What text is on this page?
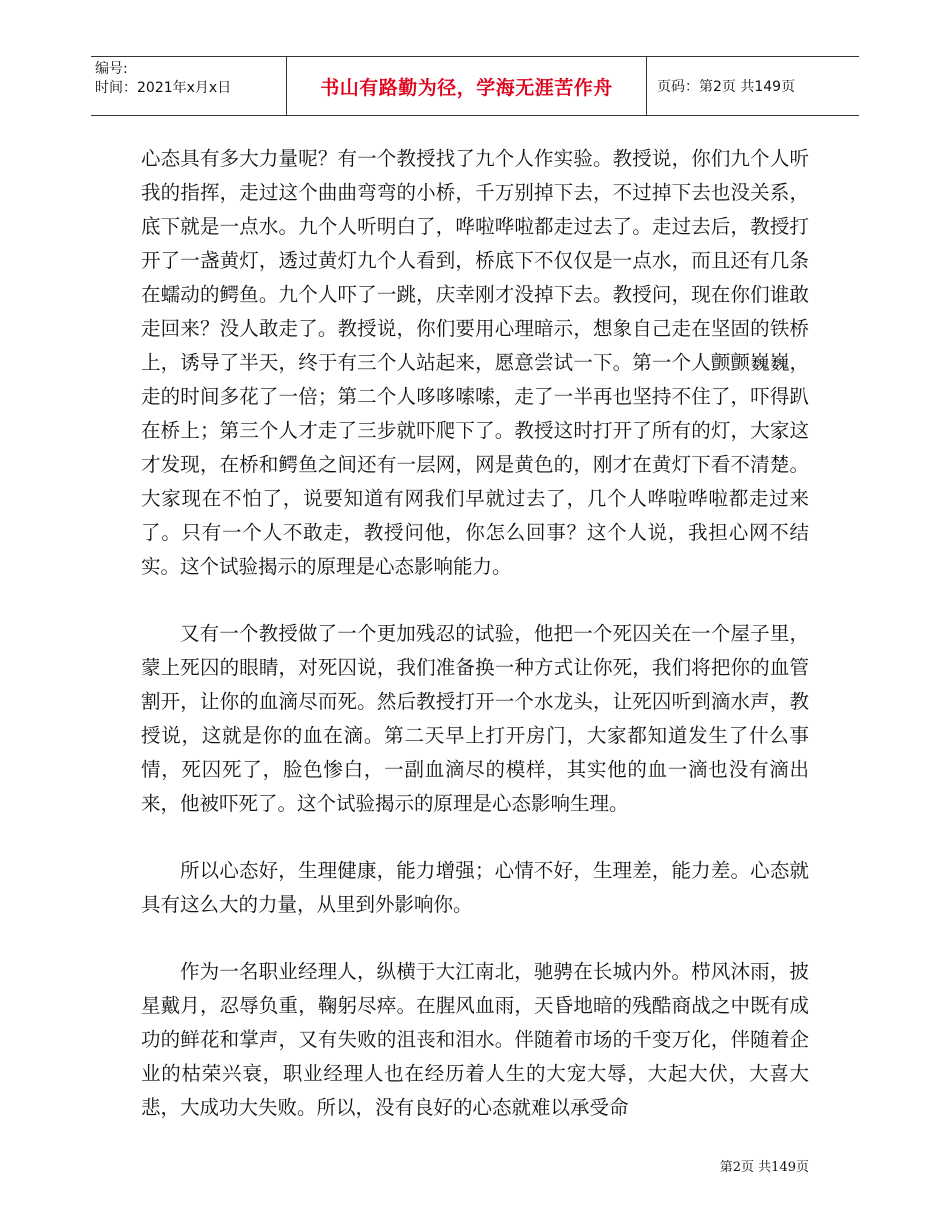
编号:
时间：2021年x月x日	书山有路勤为径，学海无涯苦作舟	页码：第2页 共149页

心态具有多大力量呢？有一个教授找了九个人作实验。教授说，你们九个人听我的指挥，走过这个曲曲弯弯的小桥，千万别掉下去，不过掉下去也没关系，底下就是一点水。九个人听明白了，哗啦哗啦都走过去了。走过去后，教授打开了一盏黄灯，透过黄灯九个人看到，桥底下不仅仅是一点水，而且还有几条在蠕动的鳄鱼。九个人吓了一跳，庆幸刚才没掉下去。教授问，现在你们谁敢走回来？没人敢走了。教授说，你们要用心理暗示，想象自己走在坚固的铁桥上，诱导了半天，终于有三个人站起来，愿意尝试一下。第一个人颤颤巍巍，走的时间多花了一倍；第二个人哆哆嗦嗦，走了一半再也坚持不住了，吓得趴在桥上；第三个人才走了三步就吓爬下了。教授这时打开了所有的灯，大家这才发现，在桥和鳄鱼之间还有一层网，网是黄色的，刚才在黄灯下看不清楚。大家现在不怕了，说要知道有网我们早就过去了，几个人哗啦哗啦都走过来了。只有一个人不敢走，教授问他，你怎么回事？这个人说，我担心网不结实。这个试验揭示的原理是心态影响能力。

又有一个教授做了一个更加残忍的试验，他把一个死囚关在一个屋子里，蒙上死囚的眼睛，对死囚说，我们准备换一种方式让你死，我们将把你的血管割开，让你的血滴尽而死。然后教授打开一个水龙头，让死囚听到滴水声，教授说，这就是你的血在滴。第二天早上打开房门，大家都知道发生了什么事情，死囚死了，脸色惨白，一副血滴尽的模样，其实他的血一滴也没有滴出来，他被吓死了。这个试验揭示的原理是心态影响生理。

所以心态好，生理健康，能力增强；心情不好，生理差，能力差。心态就具有这么大的力量，从里到外影响你。

作为一名职业经理人，纵横于大江南北，驰骋在长城内外。栉风沐雨，披星戴月，忍辱负重，鞠躬尽瘁。在腥风血雨，天昏地暗的残酷商战之中既有成功的鲜花和掌声，又有失败的沮丧和泪水。伴随着市场的千变万化，伴随着企业的枯荣兴衰，职业经理人也在经历着人生的大宠大辱，大起大伏，大喜大悲，大成功大失败。所以，没有良好的心态就难以承受命

第2页 共149页
